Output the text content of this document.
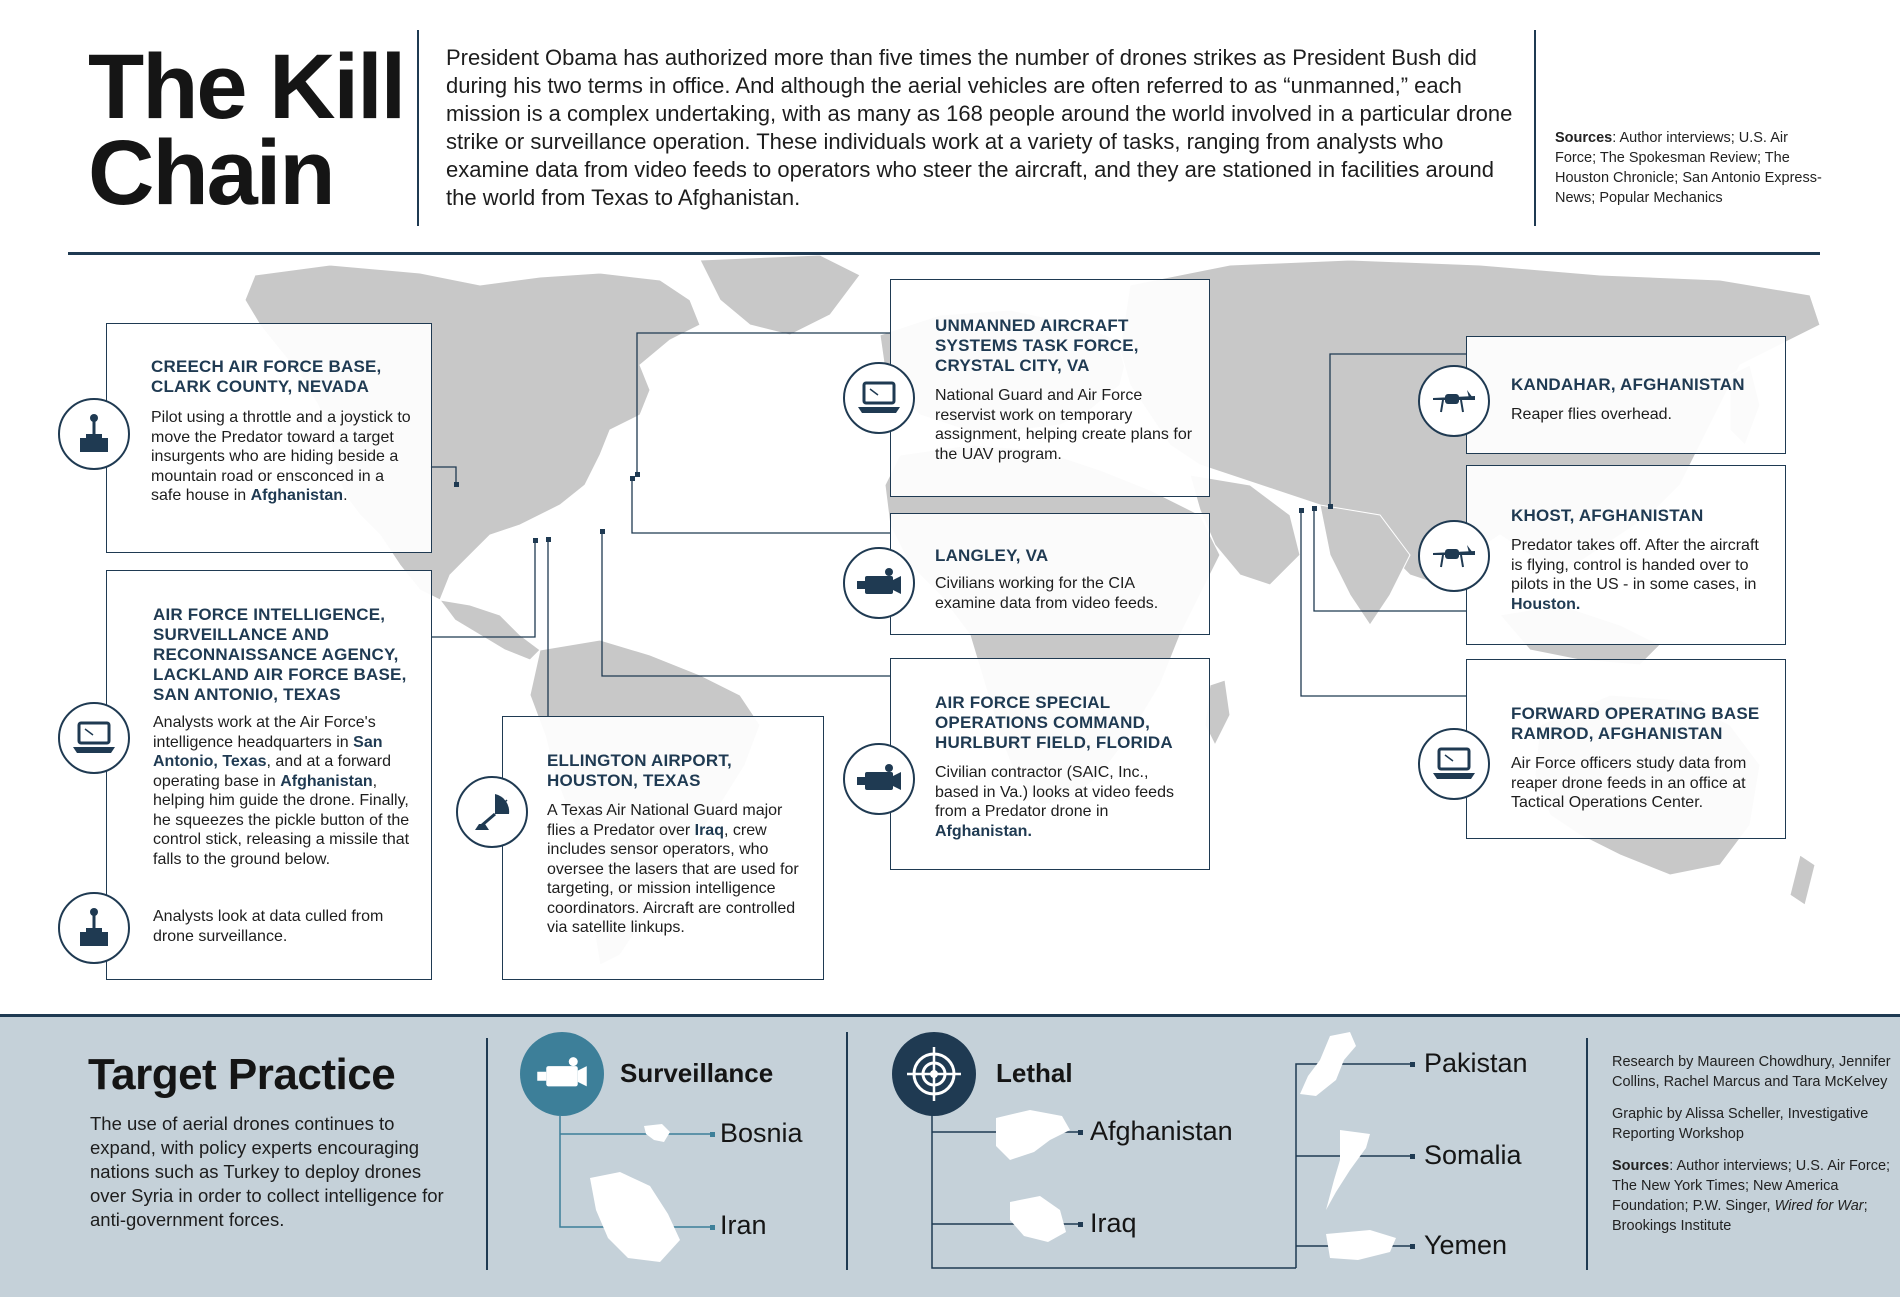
The Kill
Chain
President Obama has authorized more than five times the number of drones strikes as President Bush did during his two terms in office. And although the aerial vehicles are often referred to as “unmanned,” each mission is a complex undertaking, with as many as 168 people around the world involved in a particular drone strike or surveillance operation. These individuals work at a variety of tasks, ranging from analysts who examine data from video feeds to operators who steer the aircraft, and they are stationed in facilities around the world from Texas to Afghanistan.
Sources: Author interviews; U.S. Air Force; The Spokesman Review; The Houston Chronicle; San Antonio Express-News; Popular Mechanics
CREECH AIR FORCE BASE, CLARK COUNTY, NEVADA
Pilot using a throttle and a joystick to move the Predator toward a target insurgents who are hiding beside a mountain road or ensconced in a safe house in Afghanistan.
AIR FORCE INTELLIGENCE, SURVEILLANCE AND RECONNAISSANCE AGENCY, LACKLAND AIR FORCE BASE, SAN ANTONIO, TEXAS
Analysts work at the Air Force's intelligence headquarters in San Antonio, Texas, and at a forward operating base in Afghanistan, helping him guide the drone. Finally, he squeezes the pickle button of the control stick, releasing a missile that falls to the ground below.
Analysts look at data culled from drone surveillance.
ELLINGTON AIRPORT, HOUSTON, TEXAS
A Texas Air National Guard major flies a Predator over Iraq, crew includes sensor operators, who oversee the lasers that are used for targeting, or mission intelligence coordinators. Aircraft are controlled via satellite linkups.
UNMANNED AIRCRAFT SYSTEMS TASK FORCE, CRYSTAL CITY, VA
National Guard and Air Force reservist work on temporary assignment, helping create plans for the UAV program.
LANGLEY, VA
Civilians working for the CIA examine data from video feeds.
AIR FORCE SPECIAL OPERATIONS COMMAND, HURLBURT FIELD, FLORIDA
Civilian contractor (SAIC, Inc., based in Va.) looks at video feeds from a Predator drone in Afghanistan.
KANDAHAR, AFGHANISTAN
Reaper flies overhead.
KHOST, AFGHANISTAN
Predator takes off. After the aircraft is flying, control is handed over to pilots in the US - in some cases, in Houston.
FORWARD OPERATING BASE RAMROD, AFGHANISTAN
Air Force officers study data from reaper drone feeds in an office at Tactical Operations Center.
Target Practice
The use of aerial drones continues to expand, with policy experts encouraging nations such as Turkey to deploy drones over Syria in order to collect intelligence for anti-government forces.
Surveillance
Bosnia
Iran
Lethal
Afghanistan
Iraq
Pakistan
Somalia
Yemen
Research by Maureen Chowdhury, Jennifer Collins, Rachel Marcus and Tara McKelvey
Graphic by Alissa Scheller, Investigative Reporting Workshop
Sources: Author interviews; U.S. Air Force; The New York Times; New America Foundation; P.W. Singer, Wired for War; Brookings Institute
